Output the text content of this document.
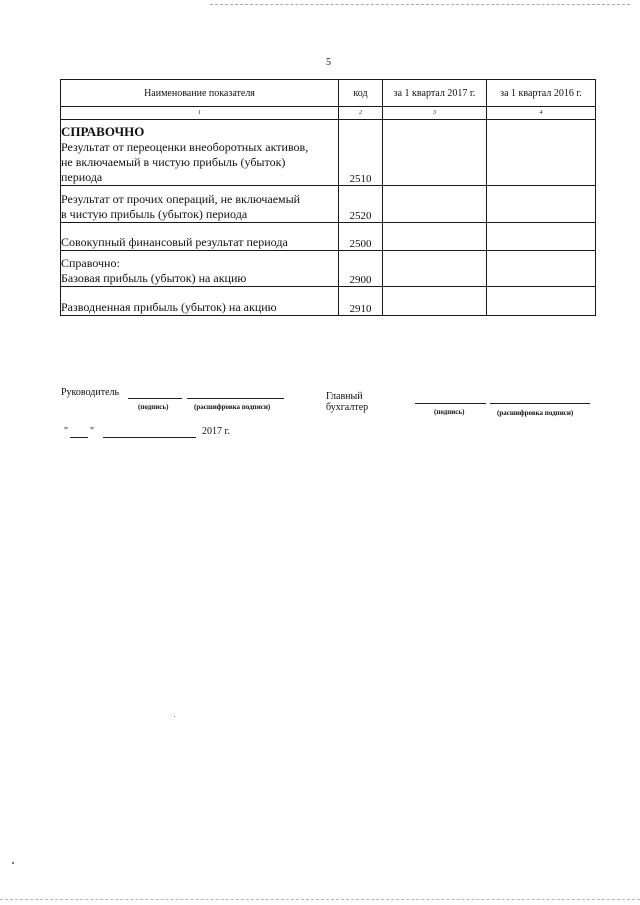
5
Наименование показателя	код	за 1 квартал 2017 г.	за 1 квартал 2016 г.
1	2	3	4

СПРАВОЧНО
Результат от переоценки внеоборотных активов,
не включаемый в чистую прибыль (убыток)
периода	2510		

Результат от прочих операций, не включаемый
в чистую прибыль (убыток) периода	2520		

Совокупный финансовый результат периода	2500		

Справочно:
Базовая прибыль (убыток) на акцию	2900		

Разводненная прибыль (убыток) на акцию	2910		
Руководитель
(подпись)	(расшифровка подписи)
Главный бухгалтер	(подпись)	(расшифровка подписи)
" "	2017 г.
